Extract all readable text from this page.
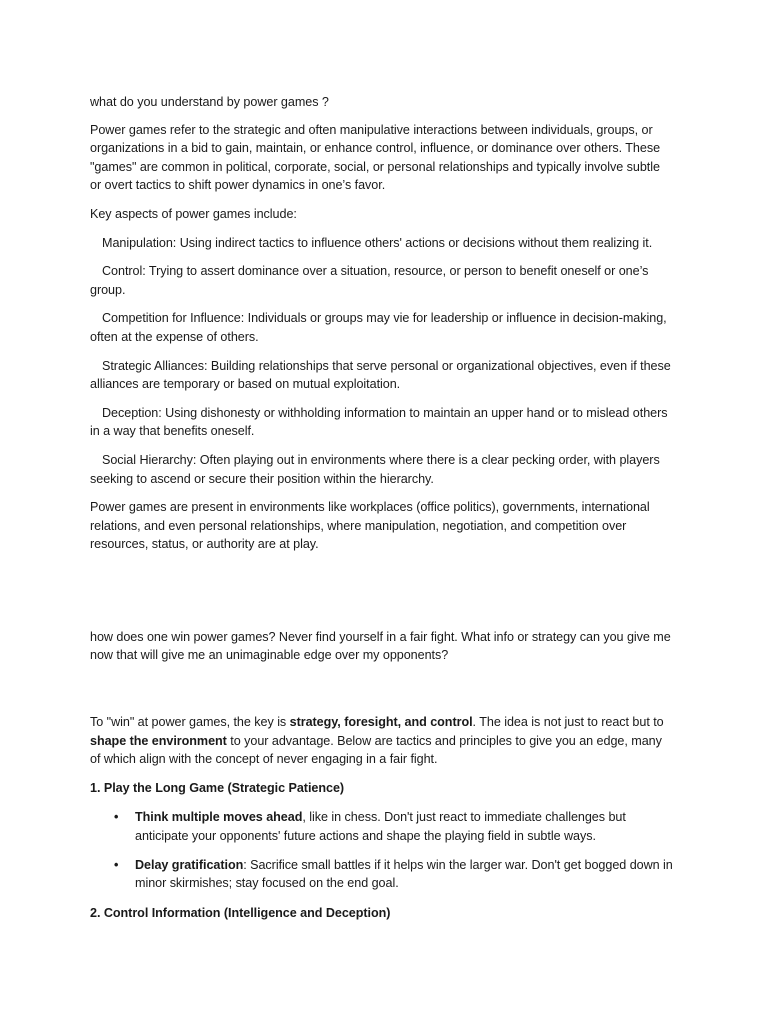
what do you understand by power games ?

Power games refer to the strategic and often manipulative interactions between individuals, groups, or organizations in a bid to gain, maintain, or enhance control, influence, or dominance over others. These "games" are common in political, corporate, social, or personal relationships and typically involve subtle or overt tactics to shift power dynamics in one’s favor.

Key aspects of power games include:

Manipulation: Using indirect tactics to influence others' actions or decisions without them realizing it.

Control: Trying to assert dominance over a situation, resource, or person to benefit oneself or one’s group.

Competition for Influence: Individuals or groups may vie for leadership or influence in decision-making, often at the expense of others.

Strategic Alliances: Building relationships that serve personal or organizational objectives, even if these alliances are temporary or based on mutual exploitation.

Deception: Using dishonesty or withholding information to maintain an upper hand or to mislead others in a way that benefits oneself.

Social Hierarchy: Often playing out in environments where there is a clear pecking order, with players seeking to ascend or secure their position within the hierarchy.

Power games are present in environments like workplaces (office politics), governments, international relations, and even personal relationships, where manipulation, negotiation, and competition over resources, status, or authority are at play.

how does one win power games? Never find yourself in a fair fight. What info or strategy can you give me now that will give me an unimaginable edge over my opponents?

To "win" at power games, the key is strategy, foresight, and control. The idea is not just to react but to shape the environment to your advantage. Below are tactics and principles to give you an edge, many of which align with the concept of never engaging in a fair fight.

1. Play the Long Game (Strategic Patience)

• Think multiple moves ahead, like in chess. Don't just react to immediate challenges but anticipate your opponents' future actions and shape the playing field in subtle ways.
• Delay gratification: Sacrifice small battles if it helps win the larger war. Don't get bogged down in minor skirmishes; stay focused on the end goal.

2. Control Information (Intelligence and Deception)
